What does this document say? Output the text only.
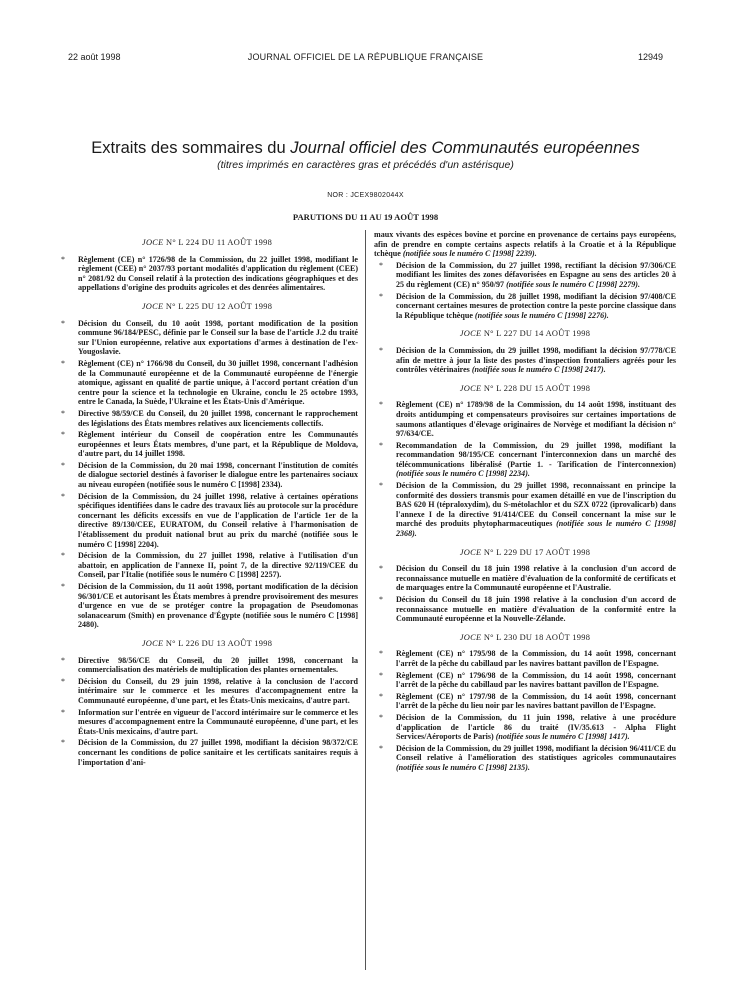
22 août 1998	JOURNAL OFFICIEL DE LA RÉPUBLIQUE FRANÇAISE	12949
Extraits des sommaires du Journal officiel des Communautés européennes
(titres imprimés en caractères gras et précédés d'un astérisque)
NOR : JCEX9802044X
PARUTIONS DU 11 AU 19 AOÛT 1998
JOCE N° L 224 DU 11 AOÛT 1998
* Règlement (CE) n° 1726/98 de la Commission, du 22 juillet 1998, modifiant le règlement (CEE) n° 2037/93 portant modalités d'application du règlement (CEE) n° 2081/92 du Conseil relatif à la protection des indications géographiques et des appellations d'origine des produits agricoles et des denrées alimentaires.
JOCE N° L 225 DU 12 AOÛT 1998
* Décision du Conseil, du 10 août 1998, portant modification de la position commune 96/184/PESC, définie par le Conseil sur la base de l'article J.2 du traité sur l'Union européenne, relative aux exportations d'armes à destination de l'ex-Yougoslavie.
* Règlement (CE) n° 1766/98 du Conseil, du 30 juillet 1998, concernant l'adhésion de la Communauté européenne et de la Communauté européenne de l'énergie atomique, agissant en qualité de partie unique, à l'accord portant création d'un centre pour la science et la technologie en Ukraine, conclu le 25 octobre 1993, entre le Canada, la Suède, l'Ukraine et les États-Unis d'Amérique.
* Directive 98/59/CE du Conseil, du 20 juillet 1998, concernant le rapprochement des législations des États membres relatives aux licenciements collectifs.
* Règlement intérieur du Conseil de coopération entre les Communautés européennes et leurs États membres, d'une part, et la République de Moldova, d'autre part, du 14 juillet 1998.
* Décision de la Commission, du 20 mai 1998, concernant l'institution de comités de dialogue sectoriel destinés à favoriser le dialogue entre les partenaires sociaux au niveau européen (notifiée sous le numéro C [1998] 2334).
* Décision de la Commission, du 24 juillet 1998, relative à certaines opérations spécifiques identifiées dans le cadre des travaux liés au protocole sur la procédure concernant les déficits excessifs en vue de l'application de l'article 1er de la directive 89/130/CEE, EURATOM, du Conseil relative à l'harmonisation de l'établissement du produit national brut au prix du marché (notifiée sous le numéro C [1998] 2204).
* Décision de la Commission, du 27 juillet 1998, relative à l'utilisation d'un abattoir, en application de l'annexe II, point 7, de la directive 92/119/CEE du Conseil, par l'Italie (notifiée sous le numéro C [1998] 2257).
* Décision de la Commission, du 11 août 1998, portant modification de la décision 96/301/CE et autorisant les États membres à prendre provisoirement des mesures d'urgence en vue de se protéger contre la propagation de Pseudomonas solanacearum (Smith) en provenance d'Égypte (notifiée sous le numéro C [1998] 2480).
JOCE N° L 226 DU 13 AOÛT 1998
* Directive 98/56/CE du Conseil, du 20 juillet 1998, concernant la commercialisation des matériels de multiplication des plantes ornementales.
* Décision du Conseil, du 29 juin 1998, relative à la conclusion de l'accord intérimaire sur le commerce et les mesures d'accompagnement entre la Communauté européenne, d'une part, et les États-Unis mexicains, d'autre part.
* Information sur l'entrée en vigueur de l'accord intérimaire sur le commerce et les mesures d'accompagnement entre la Communauté européenne, d'une part, et les États-Unis mexicains, d'autre part.
* Décision de la Commission, du 27 juillet 1998, modifiant la décision 98/372/CE concernant les conditions de police sanitaire et les certificats sanitaires requis à l'importation d'ani-
maux vivants des espèces bovine et porcine en provenance de certains pays européens, afin de prendre en compte certains aspects relatifs à la Croatie et à la République tchèque (notifiée sous le numéro C [1998] 2239).
* Décision de la Commission, du 27 juillet 1998, rectifiant la décision 97/306/CE modifiant les limites des zones défavorisées en Espagne au sens des articles 20 à 25 du règlement (CE) n° 950/97 (notifiée sous le numéro C [1998] 2279).
* Décision de la Commission, du 28 juillet 1998, modifiant la décision 97/408/CE concernant certaines mesures de protection contre la peste porcine classique dans la République tchèque (notifiée sous le numéro C [1998] 2276).
JOCE N° L 227 DU 14 AOÛT 1998
* Décision de la Commission, du 29 juillet 1998, modifiant la décision 97/778/CE afin de mettre à jour la liste des postes d'inspection frontaliers agréés pour les contrôles vétérinaires (notifiée sous le numéro C [1998] 2417).
JOCE N° L 228 DU 15 AOÛT 1998
* Règlement (CE) n° 1789/98 de la Commission, du 14 août 1998, instituant des droits antidumping et compensateurs provisoires sur certaines importations de saumons atlantiques d'élevage originaires de Norvège et modifiant la décision n° 97/634/CE.
* Recommandation de la Commission, du 29 juillet 1998, modifiant la recommandation 98/195/CE concernant l'interconnexion dans un marché des télécommunications libéralisé (Partie 1. - Tarification de l'interconnexion) (notifiée sous le numéro C [1998] 2234).
* Décision de la Commission, du 29 juillet 1998, reconnaissant en principe la conformité des dossiers transmis pour examen détaillé en vue de l'inscription du BAS 620 H (tépraloxydim), du S-métolachlor et du SZX 0722 (iprovalicarb) dans l'annexe I de la directive 91/414/CEE du Conseil concernant la mise sur le marché des produits phytopharmaceutiques (notifiée sous le numéro C [1998] 2368).
JOCE N° L 229 DU 17 AOÛT 1998
* Décision du Conseil du 18 juin 1998 relative à la conclusion d'un accord de reconnaissance mutuelle en matière d'évaluation de la conformité de certificats et de marquages entre la Communauté européenne et l'Australie.
* Décision du Conseil du 18 juin 1998 relative à la conclusion d'un accord de reconnaissance mutuelle en matière d'évaluation de la conformité entre la Communauté européenne et la Nouvelle-Zélande.
JOCE N° L 230 DU 18 AOÛT 1998
* Règlement (CE) n° 1795/98 de la Commission, du 14 août 1998, concernant l'arrêt de la pêche du cabillaud par les navires battant pavillon de l'Espagne.
* Règlement (CE) n° 1796/98 de la Commission, du 14 août 1998, concernant l'arrêt de la pêche du cabillaud par les navires battant pavillon de l'Espagne.
* Règlement (CE) n° 1797/98 de la Commission, du 14 août 1998, concernant l'arrêt de la pêche du lieu noir par les navires battant pavillon de l'Espagne.
* Décision de la Commission, du 11 juin 1998, relative à une procédure d'application de l'article 86 du traité (IV/35.613 - Alpha Flight Services/Aéroports de Paris) (notifiée sous le numéro C [1998] 1417).
* Décision de la Commission, du 29 juillet 1998, modifiant la décision 96/411/CE du Conseil relative à l'amélioration des statistiques agricoles communautaires (notifiée sous le numéro C [1998] 2135).
